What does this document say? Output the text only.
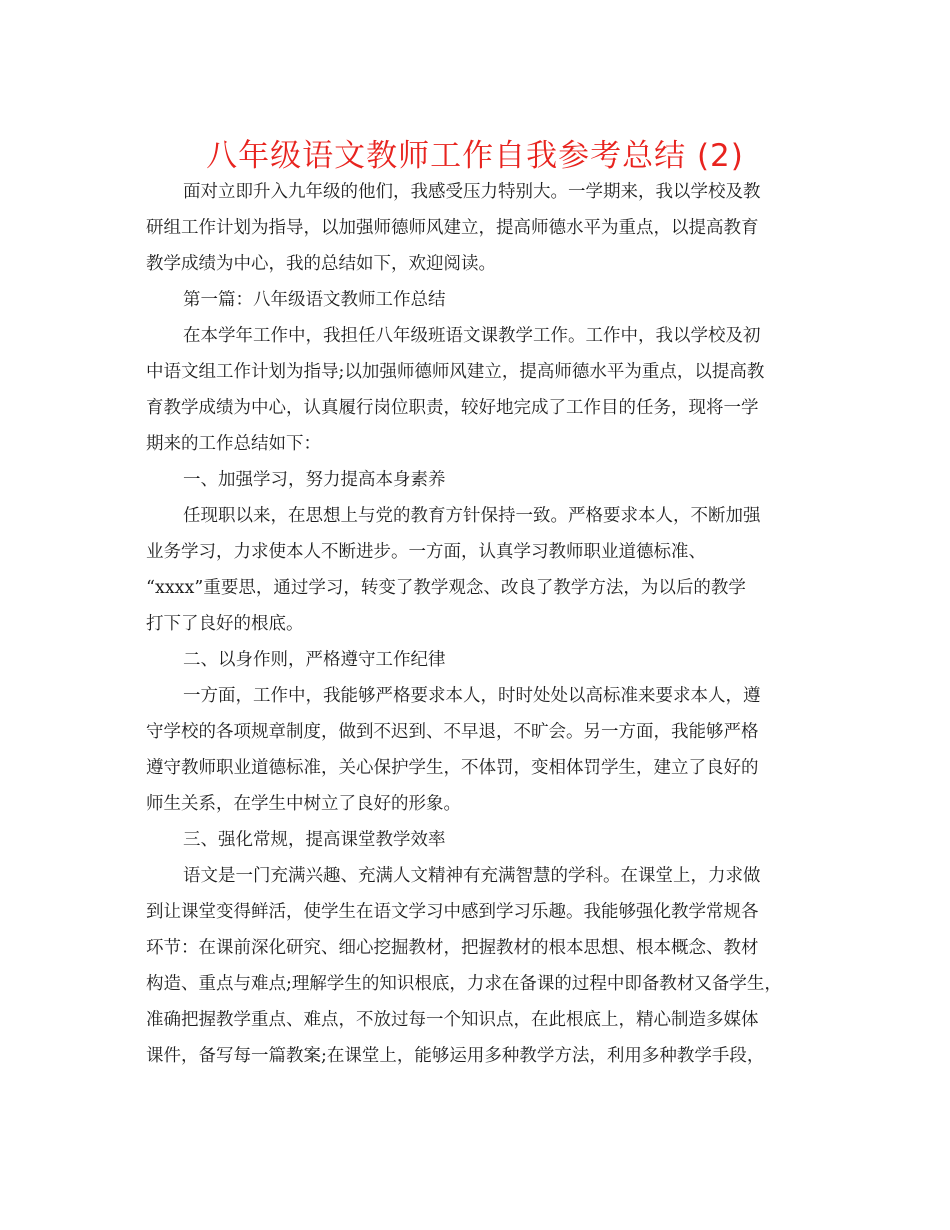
八年级语文教师工作自我参考总结 (2)

面对立即升入九年级的他们，我感受压力特别大。一学期来，我以学校及教

研组工作计划为指导，以加强师德师风建立，提高师德水平为重点，以提高教育

教学成绩为中心，我的总结如下，欢迎阅读。

第一篇：八年级语文教师工作总结

在本学年工作中，我担任八年级班语文课教学工作。工作中，我以学校及初

中语文组工作计划为指导;以加强师德师风建立，提高师德水平为重点，以提高教

育教学成绩为中心，认真履行岗位职责，较好地完成了工作目的任务，现将一学

期来的工作总结如下：

一、加强学习，努力提高本身素养

任现职以来，在思想上与党的教育方针保持一致。严格要求本人，不断加强

业务学习，力求使本人不断进步。一方面，认真学习教师职业道德标准、

“xxxx”重要思，通过学习，转变了教学观念、改良了教学方法，为以后的教学

打下了良好的根底。

二、以身作则，严格遵守工作纪律

一方面，工作中，我能够严格要求本人，时时处处以高标准来要求本人，遵

守学校的各项规章制度，做到不迟到、不早退，不旷会。另一方面，我能够严格

遵守教师职业道德标准，关心保护学生，不体罚，变相体罚学生，建立了良好的

师生关系，在学生中树立了良好的形象。

三、强化常规，提高课堂教学效率

语文是一门充满兴趣、充满人文精神有充满智慧的学科。在课堂上，力求做

到让课堂变得鲜活，使学生在语文学习中感到学习乐趣。我能够强化教学常规各

环节：在课前深化研究、细心挖掘教材，把握教材的根本思想、根本概念、教材

构造、重点与难点;理解学生的知识根底，力求在备课的过程中即备教材又备学生，

准确把握教学重点、难点，不放过每一个知识点，在此根底上，精心制造多媒体

课件，备写每一篇教案;在课堂上，能够运用多种教学方法，利用多种教学手段，
